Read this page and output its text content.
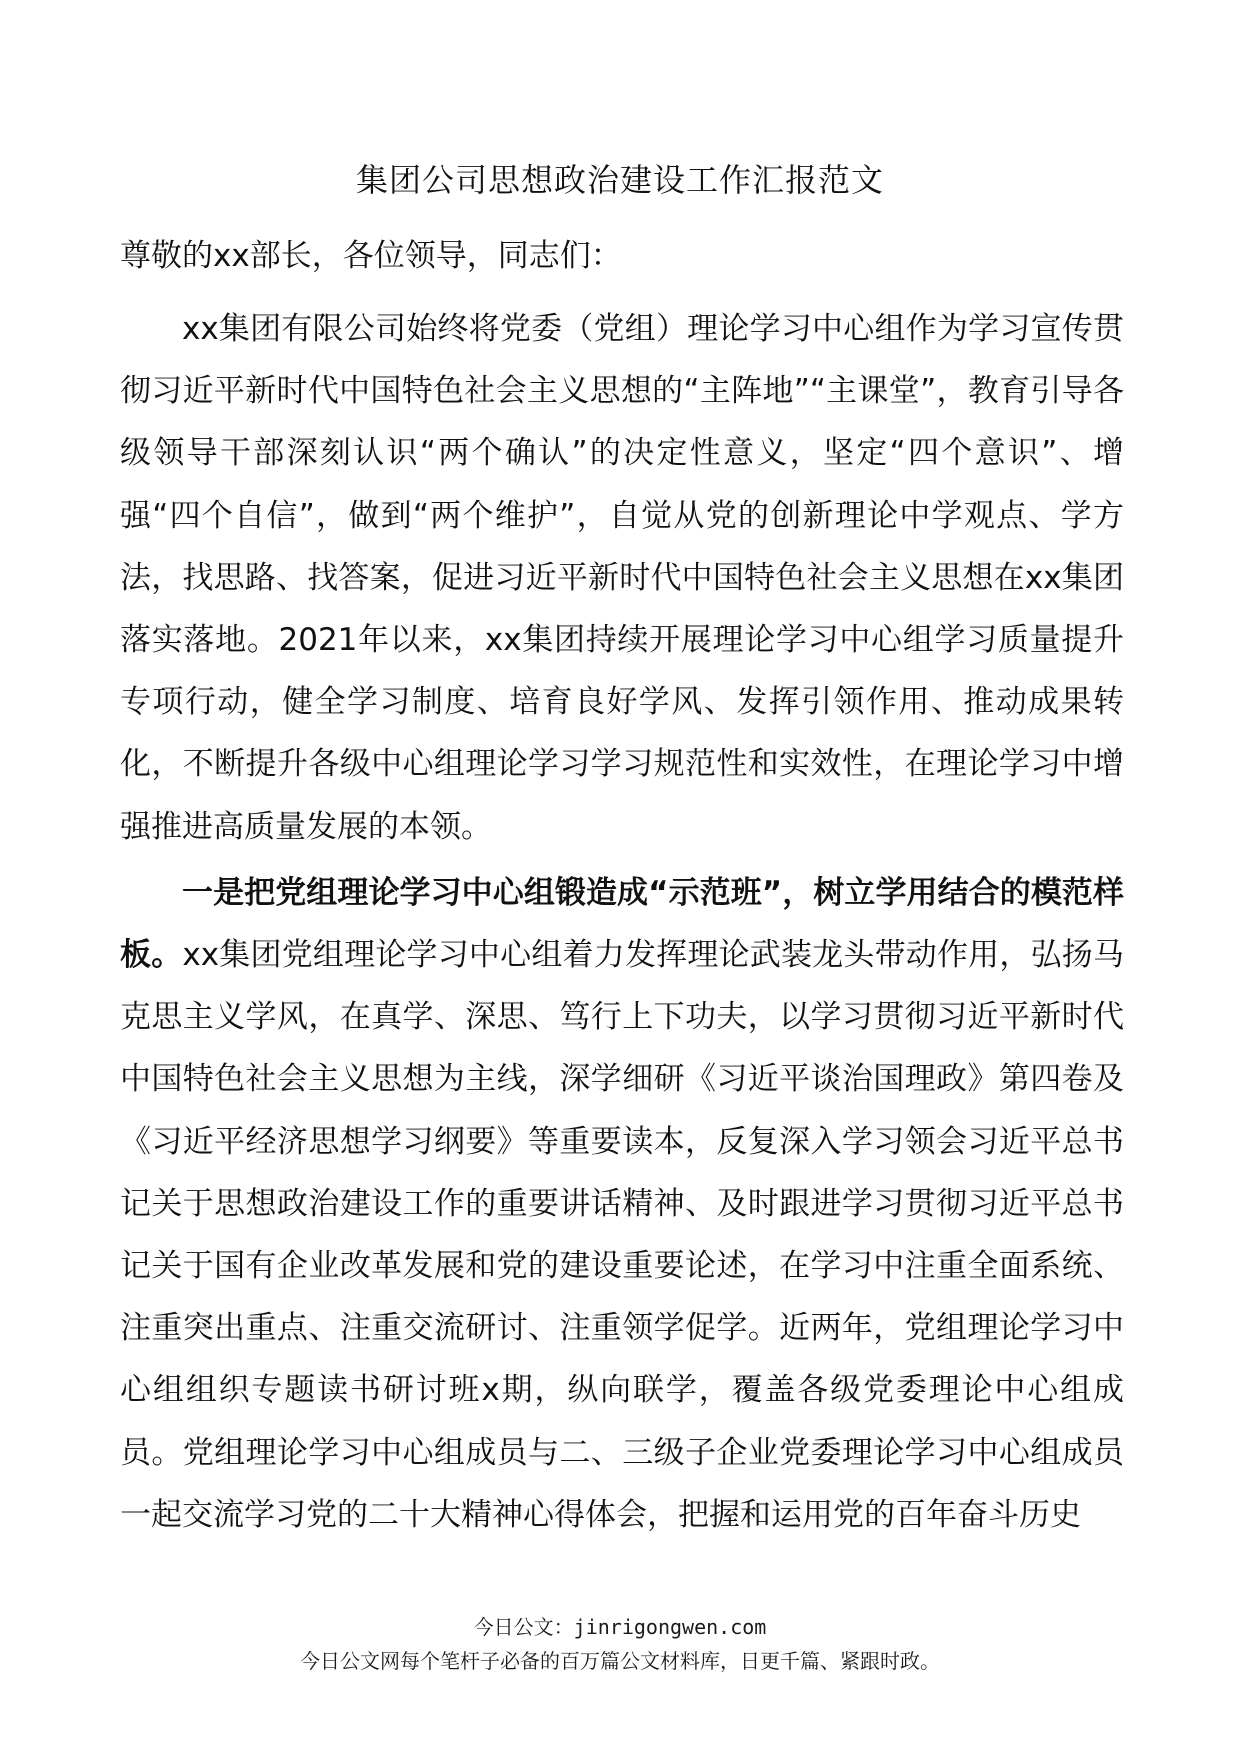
集团公司思想政治建设工作汇报范文
尊敬的xx部长，各位领导，同志们：

xx集团有限公司始终将党委（党组）理论学习中心组作为学习宣传贯彻习近平新时代中国特色社会主义思想的“主阵地”“主课堂”，教育引导各级领导干部深刻认识“两个确认”的决定性意义，坚定“四个意识”、增强“四个自信”，做到“两个维护”，自觉从党的创新理论中学观点、学方法，找思路、找答案，促进习近平新时代中国特色社会主义思想在xx集团落实落地。2021年以来，xx集团持续开展理论学习中心组学习质量提升专项行动，健全学习制度、培育良好学风、发挥引领作用、推动成果转化，不断提升各级中心组理论学习学习规范性和实效性，在理论学习中增强推进高质量发展的本领。

一是把党组理论学习中心组锻造成“示范班”，树立学用结合的模范样板。xx集团党组理论学习中心组着力发挥理论武装龙头带动作用，弘扬马克思主义学风，在真学、深思、笃行上下功夫，以学习贯彻习近平新时代中国特色社会主义思想为主线，深学细研《习近平谈治国理政》第四卷及《习近平经济思想学习纲要》等重要读本，反复深入学习领会习近平总书记关于思想政治建设工作的重要讲话精神、及时跟进学习贯彻习近平总书记关于国有企业改革发展和党的建设重要论述，在学习中注重全面系统、注重突出重点、注重交流研讨、注重领学促学。近两年，党组理论学习中心组组织专题读书研讨班x期，纵向联学，覆盖各级党委理论中心组成员。党组理论学习中心组成员与二、三级子企业党委理论学习中心组成员一起交流学习党的二十大精神心得体会，把握和运用党的百年奋斗历史

今日公文：jinrigongwen.com
今日公文网每个笔杆子必备的百万篇公文材料库，日更千篇、紧跟时政。
